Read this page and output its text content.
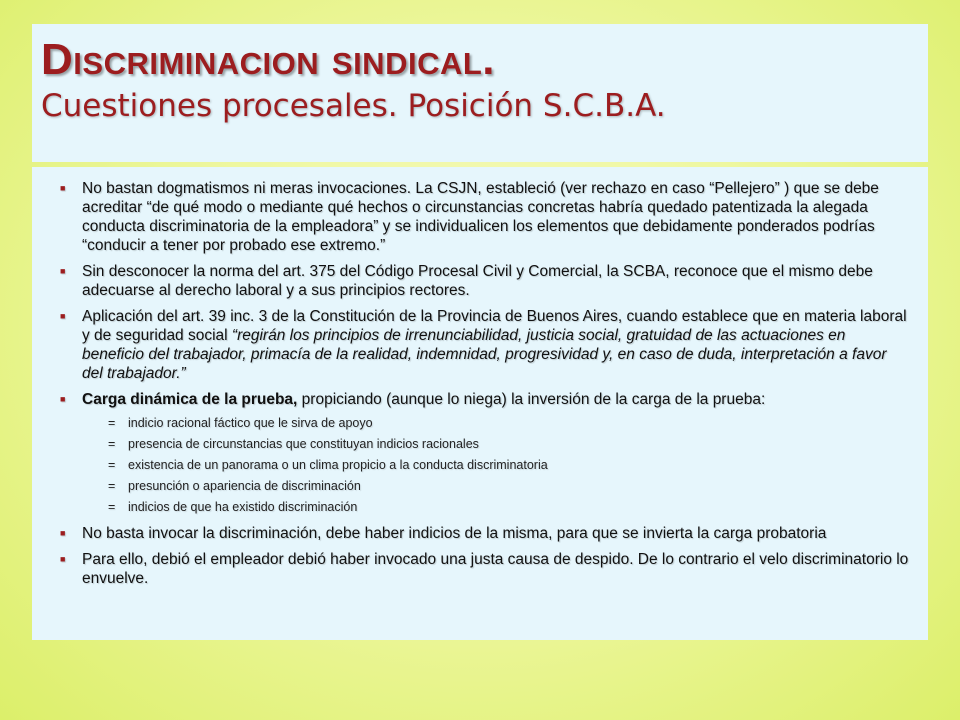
Discriminacion sindical.
Cuestiones procesales. Posición S.C.B.A.
■	No bastan dogmatismos ni meras invocaciones. La CSJN, estableció (ver rechazo en caso “Pellejero” ) que se debe acreditar “de qué modo o mediante qué hechos o circunstancias concretas habría quedado patentizada la alegada conducta discriminatoria de la empleadora” y se individualicen los elementos que debidamente ponderados podrías “conducir a tener por probado ese extremo.”
■	Sin desconocer la norma del art. 375 del Código Procesal Civil y Comercial, la SCBA, reconoce que el mismo debe adecuarse al derecho laboral y a sus principios rectores.
■	Aplicación del art. 39 inc. 3 de la Constitución de la Provincia de Buenos Aires, cuando establece que en materia laboral y de seguridad social “regirán los principios de irrenunciabilidad, justicia social, gratuidad de las actuaciones en beneficio del trabajador, primacía de la realidad, indemnidad, progresividad y, en caso de duda, interpretación a favor del trabajador.”
■	Carga dinámica de la prueba, propiciando (aunque lo niega) la inversión de la carga de la prueba:
= indicio racional fáctico que le sirva de apoyo
= presencia de circunstancias que constituyan indicios racionales
= existencia de un panorama o un clima propicio a la conducta discriminatoria
= presunción o apariencia de discriminación
= indicios de que ha existido discriminación
■	No basta invocar la discriminación, debe haber indicios de la misma, para que se invierta la carga probatoria
■	Para ello, debió el empleador debió haber invocado una justa causa de despido. De lo contrario el velo discriminatorio lo envuelve.
